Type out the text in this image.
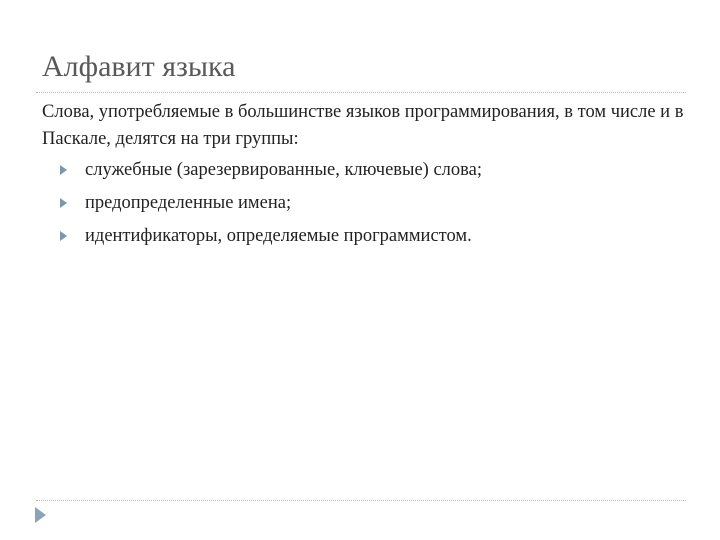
Алфавит языка

Слова, употребляемые в большинстве языков программирования, в том числе и в Паскале, делятся на три группы:

служебные (зарезервированные, ключевые) слова;
предопределенные имена;
идентификаторы, определяемые программистом.
